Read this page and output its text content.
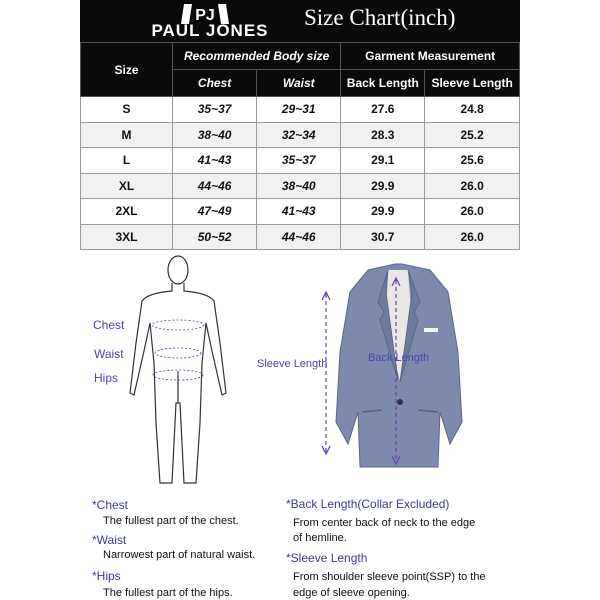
PJ
PAUL JONES
Size Chart(inch)
Size	Recommended Body size		Garment Measurement	
	Chest	Waist	Back Length	Sleeve Length
S	35~37	29~31	27.6	24.8
M	38~40	32~34	28.3	25.2
L	41~43	35~37	29.1	25.6
XL	44~46	38~40	29.9	26.0
2XL	47~49	41~43	29.9	26.0
3XL	50~52	44~46	30.7	26.0
Chest
Waist
Hips
Sleeve Length	Back Length
*Chest
The fullest part of the chest.
*Waist
Narrowest part of natural waist.
*Hips
The fullest part of the hips.
*Back Length(Collar Excluded)
From center back of neck to the edge
of hemline.
*Sleeve Length
From shoulder sleeve point(SSP) to the
edge of sleeve opening.
